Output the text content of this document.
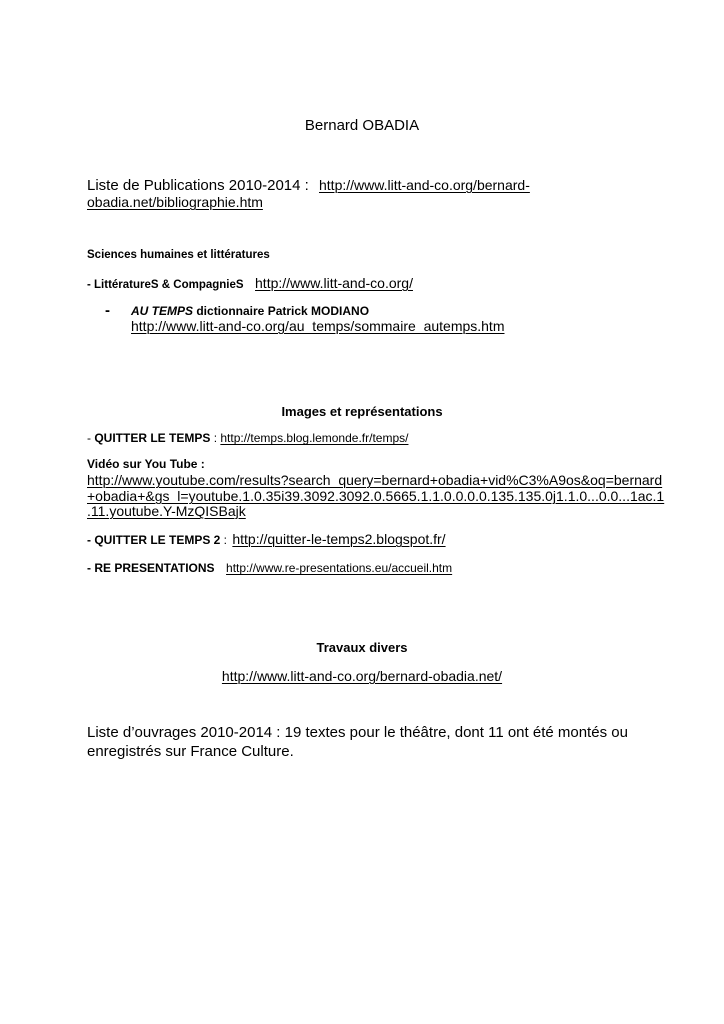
Bernard OBADIA
Liste de Publications 2010-2014 : http://www.litt-and-co.org/bernard-
obadia.net/bibliographie.htm
Sciences humaines et littératures
- LittératureS & CompagnieS http://www.litt-and-co.org/
- AU TEMPS dictionnaire Patrick MODIANO
http://www.litt-and-co.org/au_temps/sommaire_autemps.htm
Images et représentations
- QUITTER LE TEMPS : http://temps.blog.lemonde.fr/temps/
Vidéo sur You Tube :
http://www.youtube.com/results?search_query=bernard+obadia+vid%C3%A9os&oq=bernard
+obadia+&gs_l=youtube.1.0.35i39.3092.3092.0.5665.1.1.0.0.0.0.135.135.0j1.1.0...0.0...1ac.1
.11.youtube.Y-MzQISBajk
- QUITTER LE TEMPS 2 : http://quitter-le-temps2.blogspot.fr/
- RE PRESENTATIONS http://www.re-presentations.eu/accueil.htm
Travaux divers
http://www.litt-and-co.org/bernard-obadia.net/
Liste d’ouvrages 2010-2014 : 19 textes pour le théâtre, dont 11 ont été montés ou
enregistrés sur France Culture.
